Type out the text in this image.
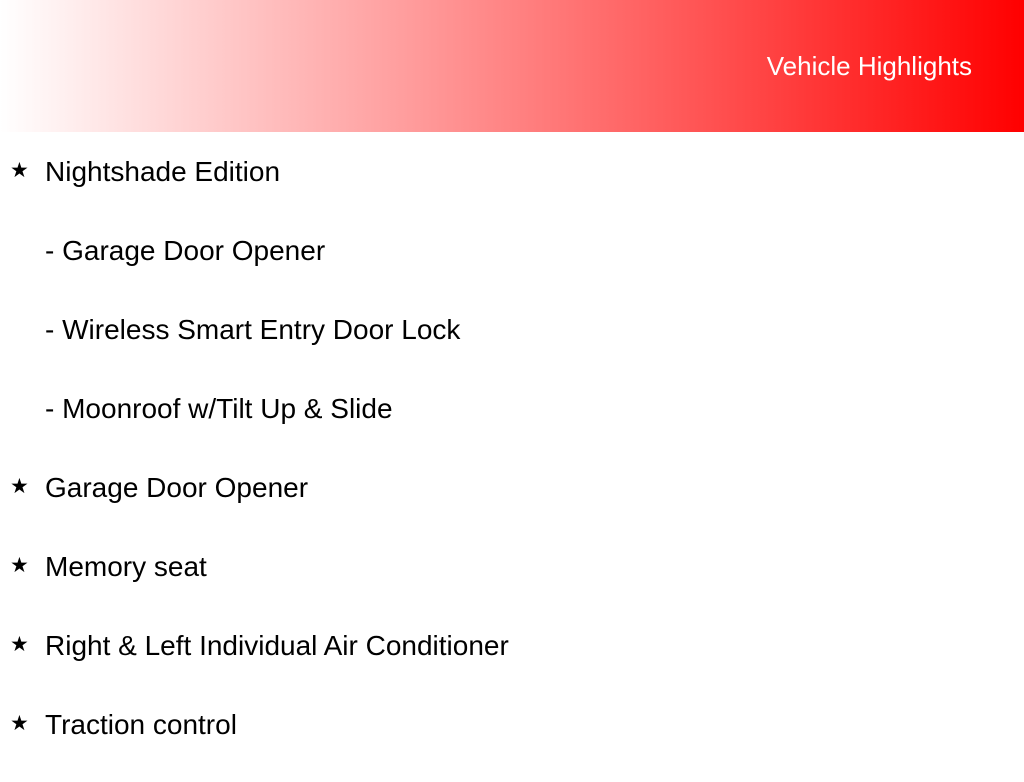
Vehicle Highlights
★ Nightshade Edition
- Garage Door Opener
- Wireless Smart Entry Door Lock
- Moonroof w/Tilt Up & Slide
★ Garage Door Opener
★ Memory seat
★ Right & Left Individual Air Conditioner
★ Traction control
